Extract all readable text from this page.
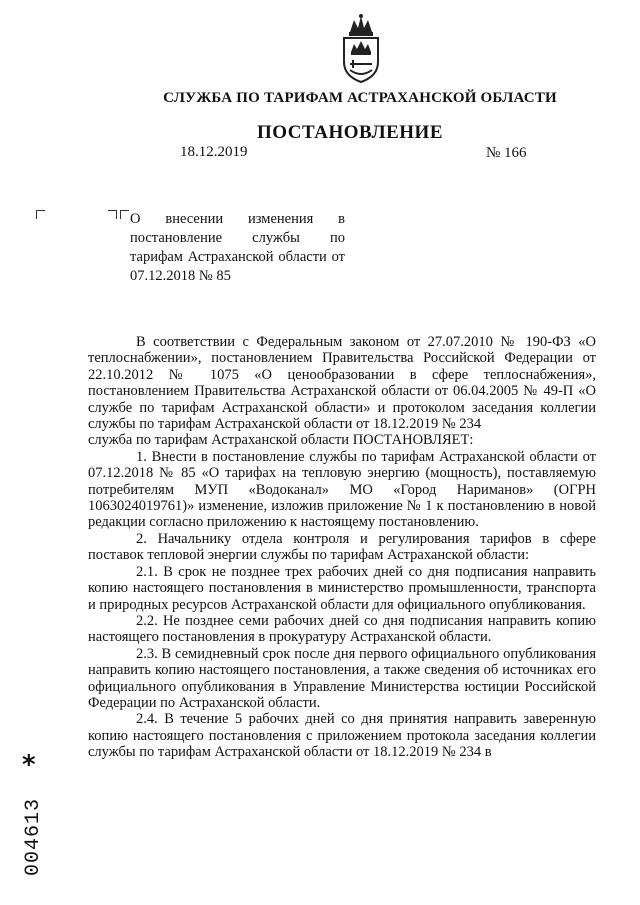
СЛУЖБА ПО ТАРИФАМ АСТРАХАНСКОЙ ОБЛАСТИ
ПОСТАНОВЛЕНИЕ
18.12.2019	№ 166
О внесении изменения в постановление службы по тарифам Астраханской области от 07.12.2018 № 85

В соответствии с Федеральным законом от 27.07.2010 № 190-ФЗ «О теплоснабжении», постановлением Правительства Российской Федерации от 22.10.2012 № 1075 «О ценообразовании в сфере теплоснабжения», постановлением Правительства Астраханской области от 06.04.2005 № 49-П «О службе по тарифам Астраханской области» и протоколом заседания коллегии службы по тарифам Астраханской области от 18.12.2019 № 234

служба по тарифам Астраханской области ПОСТАНОВЛЯЕТ:

1. Внести в постановление службы по тарифам Астраханской области от 07.12.2018 № 85 «О тарифах на тепловую энергию (мощность), поставляемую потребителям МУП «Водоканал» МО «Город Нариманов» (ОГРН 1063024019761)» изменение, изложив приложение № 1 к постановлению в новой редакции согласно приложению к настоящему постановлению.

2. Начальнику отдела контроля и регулирования тарифов в сфере поставок тепловой энергии службы по тарифам Астраханской области:

2.1. В срок не позднее трех рабочих дней со дня подписания направить копию настоящего постановления в министерство промышленности, транспорта и природных ресурсов Астраханской области для официального опубликования.

2.2. Не позднее семи рабочих дней со дня подписания направить копию настоящего постановления в прокуратуру Астраханской области.

2.3. В семидневный срок после дня первого официального опубликования направить копию настоящего постановления, а также сведения об источниках его официального опубликования в Управление Министерства юстиции Российской Федерации по Астраханской области.

2.4. В течение 5 рабочих дней со дня принятия направить заверенную копию настоящего постановления с приложением протокола заседания коллегии службы по тарифам Астраханской области от 18.12.2019 № 234 в

*
004613
